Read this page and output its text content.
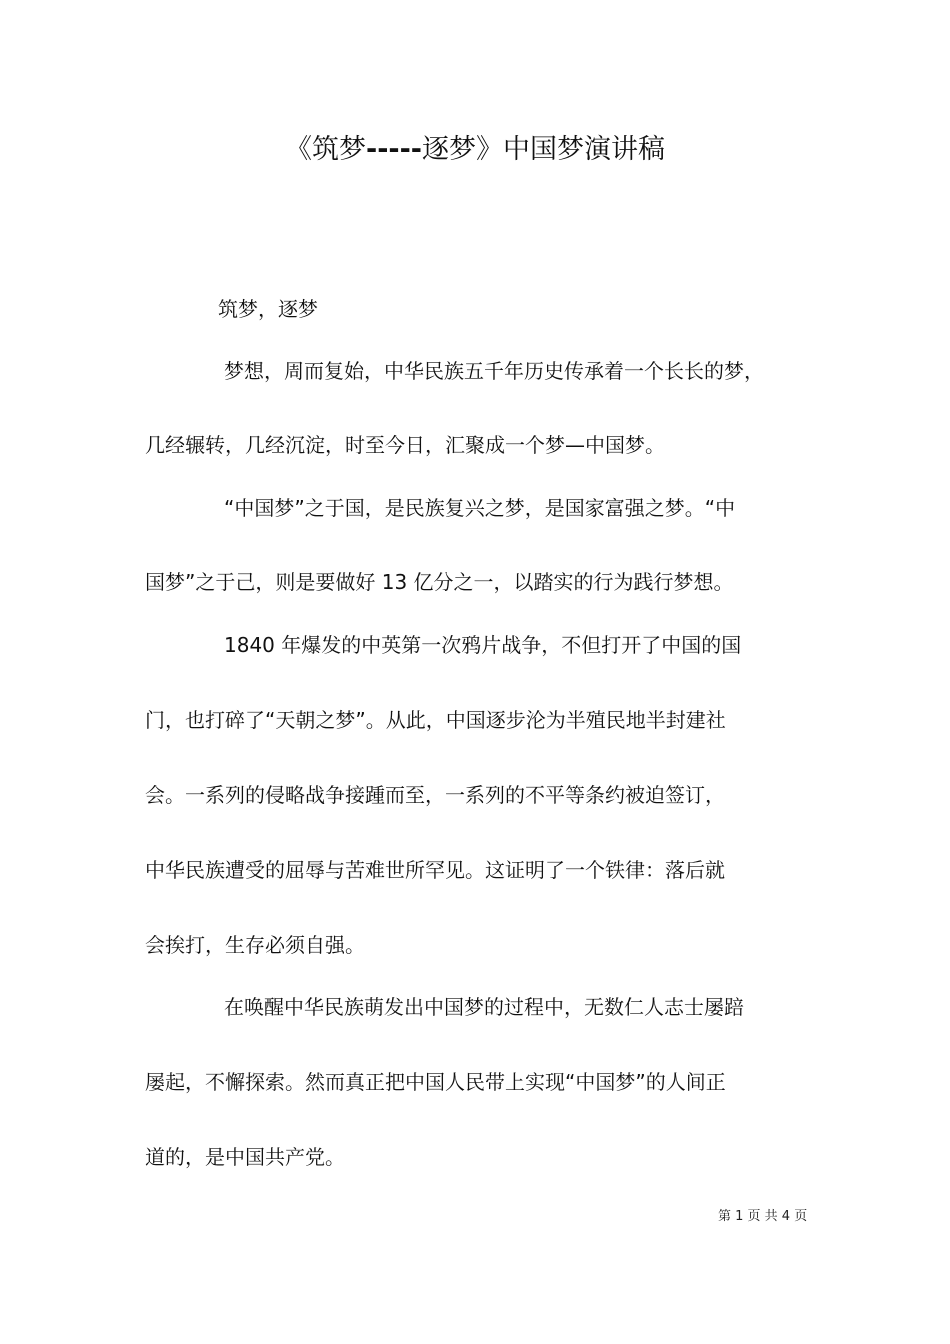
《筑梦-----逐梦》中国梦演讲稿

筑梦，逐梦

梦想，周而复始，中华民族五千年历史传承着一个长长的梦，

几经辗转，几经沉淀，时至今日，汇聚成一个梦—中国梦。

“中国梦”之于国，是民族复兴之梦，是国家富强之梦。“中

国梦”之于己，则是要做好 13 亿分之一，以踏实的行为践行梦想。

1840 年爆发的中英第一次鸦片战争，不但打开了中国的国

门，也打碎了“天朝之梦”。从此，中国逐步沦为半殖民地半封建社

会。一系列的侵略战争接踵而至，一系列的不平等条约被迫签订，

中华民族遭受的屈辱与苦难世所罕见。这证明了一个铁律：落后就

会挨打，生存必须自强。

在唤醒中华民族萌发出中国梦的过程中，无数仁人志士屡踣

屡起，不懈探索。然而真正把中国人民带上实现“中国梦”的人间正

道的，是中国共产党。

第 1 页 共 4 页
